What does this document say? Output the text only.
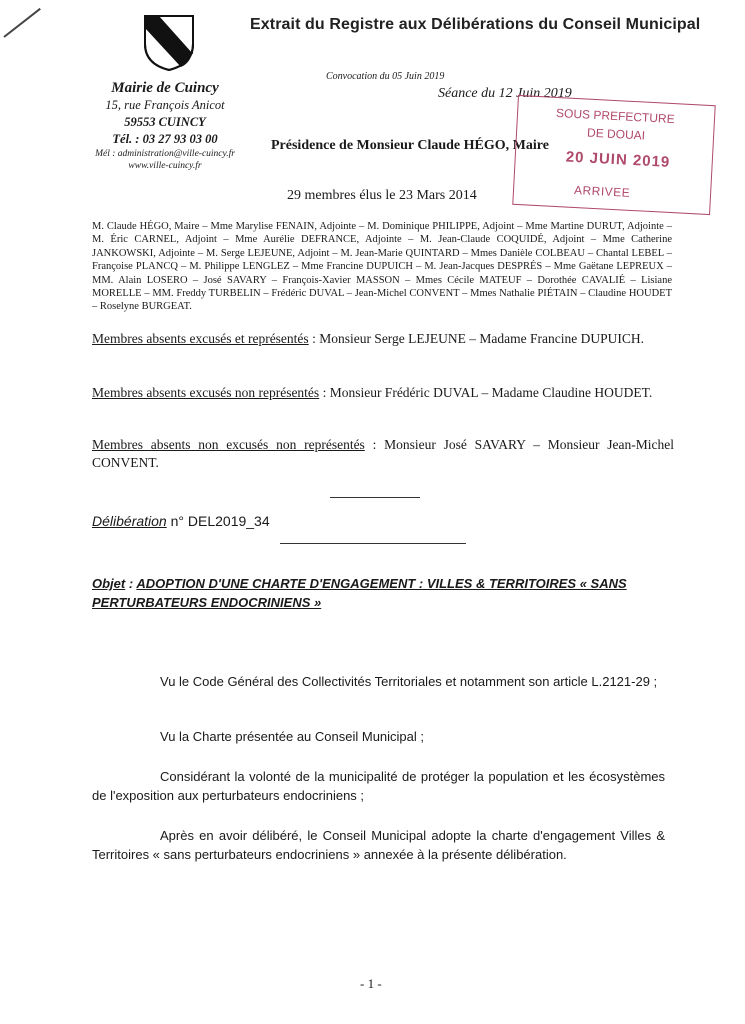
Extrait du Registre aux Délibérations du Conseil Municipal
Mairie de Cuincy
15, rue François Anicot
59553 CUINCY
Tél. : 03 27 93 03 00
Mél : administration@ville-cuincy.fr
www.ville-cuincy.fr
Convocation du 05 Juin 2019
Séance du 12 Juin 2019
Présidence de Monsieur Claude HÉGO, Maire
29 membres élus le 23 Mars 2014
SOUS PREFECTURE
DE DOUAI
20 JUIN 2019
ARRIVEE
M. Claude HÉGO, Maire – Mme Marylise FENAIN, Adjointe – M. Dominique PHILIPPE, Adjoint – Mme Martine DURUT, Adjointe – M. Éric CARNEL, Adjoint – Mme Aurélie DEFRANCE, Adjointe – M. Jean-Claude COQUIDÉ, Adjoint – Mme Catherine JANKOWSKI, Adjointe – M. Serge LEJEUNE, Adjoint – M. Jean-Marie QUINTARD – Mmes Danièle COLBEAU – Chantal LEBEL – Françoise PLANCQ – M. Philippe LENGLEZ – Mme Francine DUPUICH – M. Jean-Jacques DESPRÉS – Mme Gaëtane LEPREUX – MM. Alain LOSERO – José SAVARY – François-Xavier MASSON – Mmes Cécile MATEUF – Dorothée CAVALIÉ – Lisiane MORELLE – MM. Freddy TURBELIN – Frédéric DUVAL – Jean-Michel CONVENT – Mmes Nathalie PIÉTAIN – Claudine HOUDET – Roselyne BURGEAT.
Membres absents excusés et représentés : Monsieur Serge LEJEUNE – Madame Francine DUPUICH.
Membres absents excusés non représentés : Monsieur Frédéric DUVAL – Madame Claudine HOUDET.
Membres absents non excusés non représentés : Monsieur José SAVARY – Monsieur Jean-Michel CONVENT.
Délibération n° DEL2019_34
Objet : ADOPTION D'UNE CHARTE D'ENGAGEMENT : VILLES & TERRITOIRES « SANS PERTURBATEURS ENDOCRINIENS »
Vu le Code Général des Collectivités Territoriales et notamment son article L.2121-29 ;
Vu la Charte présentée au Conseil Municipal ;
Considérant la volonté de la municipalité de protéger la population et les écosystèmes de l'exposition aux perturbateurs endocriniens ;
Après en avoir délibéré, le Conseil Municipal adopte la charte d'engagement Villes & Territoires « sans perturbateurs endocriniens » annexée à la présente délibération.
- 1 -
